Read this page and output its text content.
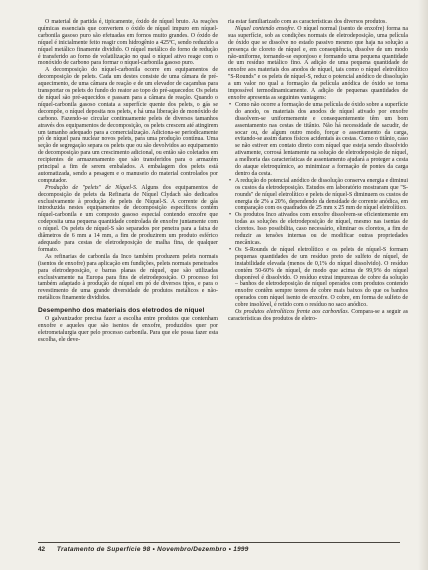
O material de partida é, tipicamente, óxido de níquel bruto. As reações químicas essenciais que convertem o óxido de níquel impuro em níquel-carbonila gasoso puro são efetuadas em fornos muito grandes. O óxido de níquel é inicialmente feito reagir com hidrogênio a 425ºC, sendo reduzido a níquel metálico finamente dividido. O níquel metálico do forno de redução é transferido ao forno de volatilização no qual o níquel ativo reage com o monóxido de carbono para formar o níquel-carbonila gasoso puro.

A decomposição do níquel-carbonila ocorre em equipamentos de decomposição de pelets. Cada um destes consiste de uma câmara de pré-aquecimento, de uma câmara de reação e de um elevador de caçambas para transportar os pelets do fundo do reator ao topo do pré-aquecedor. Os pelets de níquel são pré-aquecidos e passam para a câmara de reação. Quando o níquel-carbonila gasoso contata a superfície quente dos pelets, o gás se decompõe, o níquel deposita nos pelets, e há uma liberação de monóxido de carbono. Fazendo-se circular continuamente pelets de diversos tamanhos através dos equipamentos de decomposição, os pelets crescem até atingirem um tamanho adequado para a comercialização. Adiciona-se periodicamente pó de níquel para nuclear novos pelets, para uma produção contínua. Uma seção de segregação separa os pelets que ou são devolvidos ao equipamento de decomposição para um crescimento adicional, ou então são coletados em recipientes de armazenamento que são transferidos para o armazém principal a fim de serem embalados. A embalagem dos pelets está automatizada, sendo a pesagem e o manuseio do material controlados por computador.

Produção de "pelets" de Níquel-S. Alguns dos equipamentos de decomposição de pelets da Refinaria de Níquel Clydach são dedicados exclusivamente à produção de pelets de Níquel-S. A corrente de gás introduzida nestes equipamentos de decomposição específicos contém níquel-carbonila e um composto gasoso especial contendo enxofre que codeposita uma pequena quantidade controlada de enxofre juntamente com o níquel. Os pelets de níquel-S são separados por peneira para a faixa de diâmetros de 6 mm a 14 mm, a fim de produzirem um produto esférico adequado para cestas de eletrodeposição de malha fina, de qualquer formato.

As refinarias de carbonila da Inco também produzem pelets normais (isentos de enxofre) para aplicação em fundições, pelets normais peneirados para eletrodeposição, e barras planas de níquel, que são utilizadas exclusivamente na Europa para fins de eletrodeposição. O processo foi também adaptado à produção de níquel em pó de diversos tipos, e para o revestimento de uma grande diversidade de produtos metálicos e não-metálicos finamente divididos.

Desempenho dos materiais dos eletrodos de níquel

O galvanizador precisa fazer a escolha entre produtos que contenham enxofre e aqueles que são isentos de enxofre, produzidos quer por eletrometalurgia quer pelo processo carbonila. Para que ele possa fazer esta escolha, ele deve-

ria estar familiarizado com as características dos diversos produtos.

Níquel contendo enxofre. O níquel normal (isento de enxofre) forma na sua superfície, sob as condições normais de eletrodeposição, uma película de óxido que se dissolve no estado passivo mesmo que haja na solução a presença de cloreto de níquel e, em conseqüência, dissolve de um modo não-uniforme, tornando-se esponjoso e formando uma pequena quantidade de um resíduo metálico fino. A adição de uma pequena quantidade de enxofre aos materiais dos anodos de níquel, tais como o níquel eletrolítico "S-Rounds" e os pelets de níquel-S, reduz o potencial anódico de dissolução a um valor no qual a formação da película anódica de óxido se torna impossível termodinamicamente. A adição de pequenas quantidades de enxofre apresenta as seguintes vantagens:

• Como não ocorre a formação de uma película de óxido sobre a superfície do anodo, os materiais dos anodos de níquel ativado por enxofre dissolvem-se uniformemente e consequentemente têm um bom assentamento nas cestas de titânio. Não há necessidade de sacudir, de socar ou, de algum outro modo, forçar o assentamento da carga, evitando-se assim danos físicos acidentais às cestas. Como o titânio, caso se não estiver em contato direto com níquel que esteja sendo dissolvido ativamente, corrosá lentamente na solução de eletrodeposição de níquel, a melhoria das características de assentamento ajudará a proteger a cesta do ataque eletroquímico, ao minimizar a formação de pontes da carga dentro da cesta.

• A redução do potencial anódico de dissolução conserva energia e diminui os custos da eletrodeposição. Estudos em laboratório mostraram que "S-rounds" de níquel eletrolítico e pelets de níquel-S diminuem os custos de energia de 2% a 20%, dependendo da densidade de corrente anódica, em comparação com os quadrados de 25 mm x 25 mm de níquel eletrolítico.

• Os produtos Inco ativados com enxofre dissolvem-se eficientemente em todas as soluções de eletrodeposição de níquel, mesmo nas isentas de cloretos. Isso possibilita, caso necessário, eliminar os cloretos, a fim de reduzir as tensões internas ou de modificar outras propriedades mecânicas.

• Os S-Rounds de níquel eletrolítico e os pelets de níquel-S formam pequenas quantidades de um resíduo preto de sulfeto de níquel, de instabilidade elevada (menos de 0,1% do níquel dissolvido). O resíduo contém 50-60% de níquel, de modo que acima de 99,9% do níquel disponível é dissolvido. O resíduo extrai impurezas de cobre da solução – banhos de eletrodeposição de níquel operados com produtos contendo enxofre contêm sempre teores de cobre mais baixos do que os banhos operados com níquel isento de enxofre. O cobre, em forma de sulfeto de cobre insolúvel, é retido com o resíduo no saco anódico.

Os produtos eletrolíticos frente aos carbonilas. Compara-se a seguir as características dos produtos de eletro-

42 Tratamento de Superfície 98 • Novembro/Dezembro • 1999
